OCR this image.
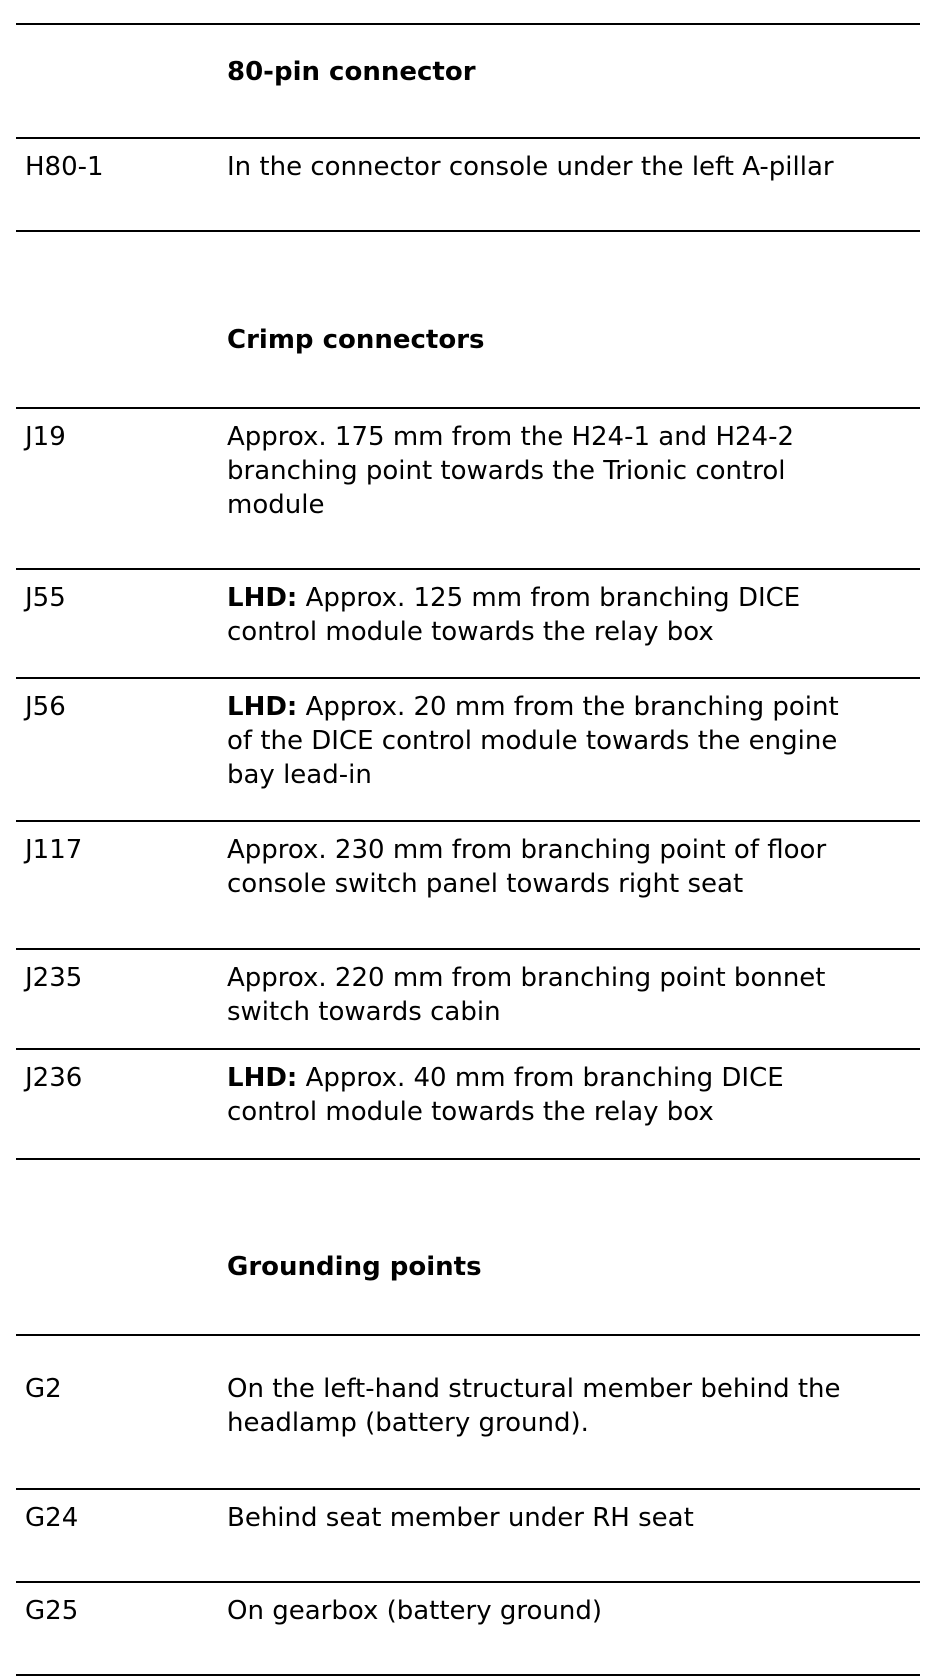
80-pin connector
H80-1	In the connector console under the left A-pillar
Crimp connectors
J19	Approx. 175 mm from the H24-1 and H24-2
branching point towards the Trionic control
module
J55	LHD: Approx. 125 mm from branching DICE
control module towards the relay box
J56	LHD: Approx. 20 mm from the branching point
of the DICE control module towards the engine
bay lead-in
J117	Approx. 230 mm from branching point of floor
console switch panel towards right seat
J235	Approx. 220 mm from branching point bonnet
switch towards cabin
J236	LHD: Approx. 40 mm from branching DICE
control module towards the relay box
Grounding points
G2	On the left-hand structural member behind the
headlamp (battery ground).
G24	Behind seat member under RH seat
G25	On gearbox (battery ground)
